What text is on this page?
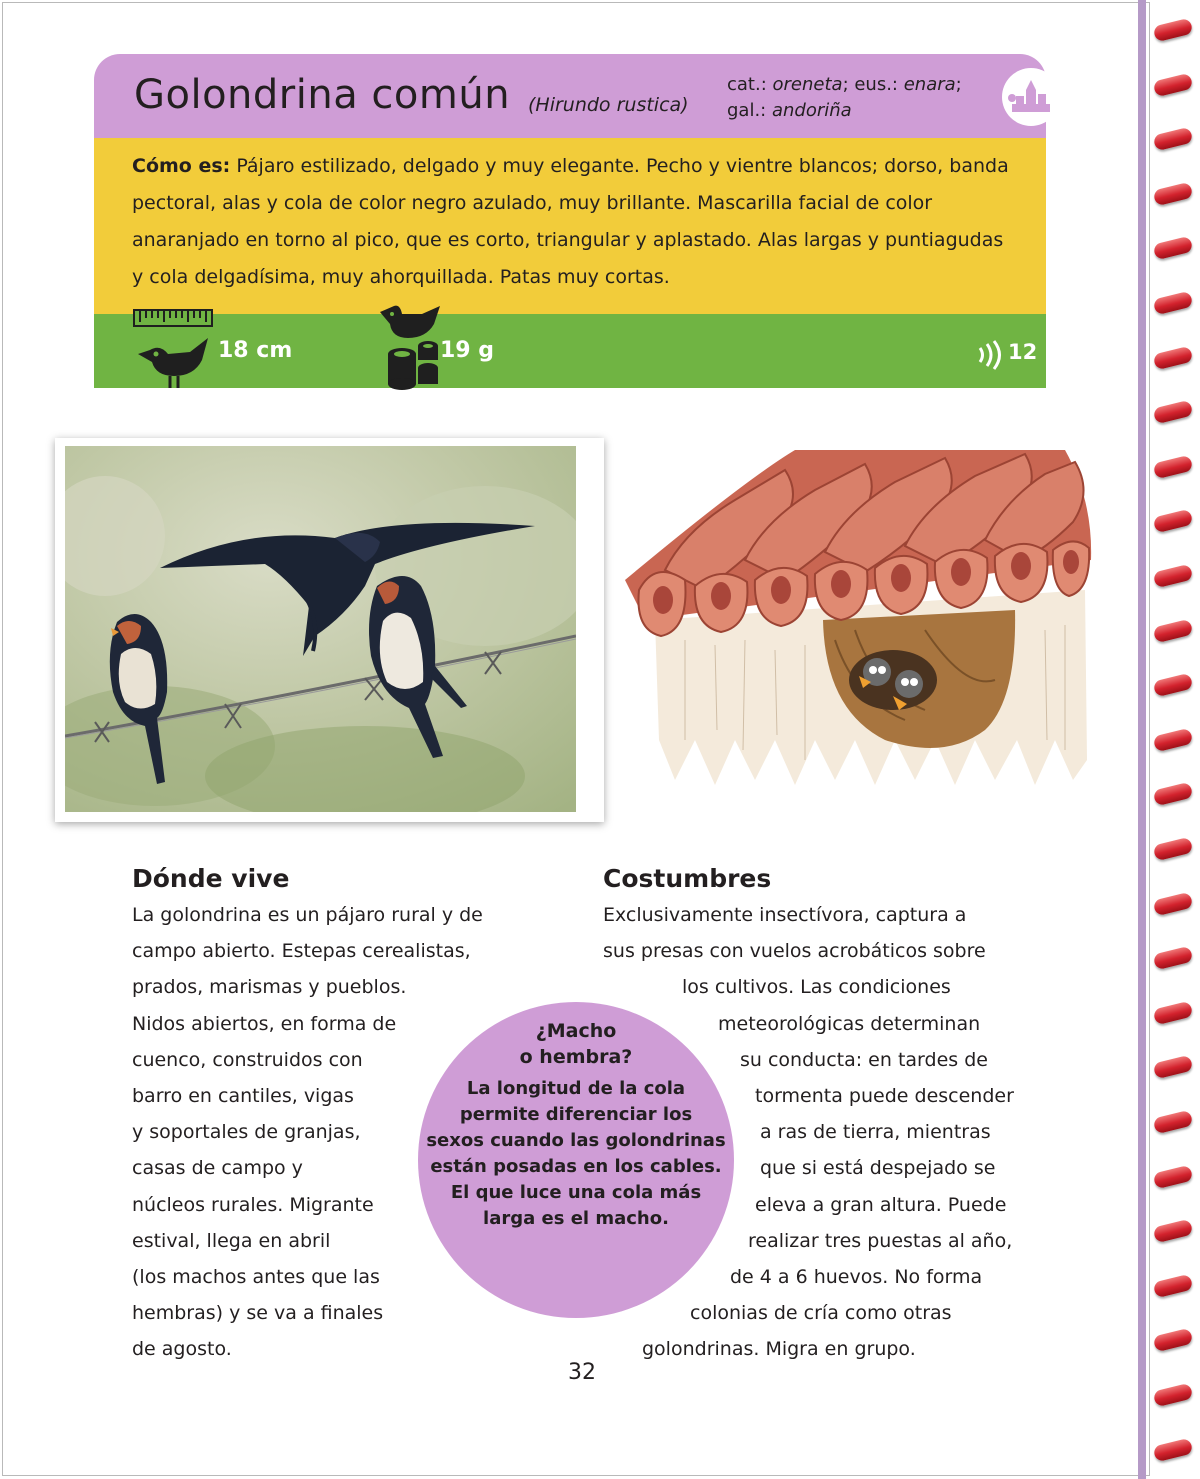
Golondrina común (Hirundo rustica)
cat.: oreneta; eus.: enara;
gal.: andoriña
Cómo es: Pájaro estilizado, delgado y muy elegante. Pecho y vientre blancos; dorso, banda pectoral, alas y cola de color negro azulado, muy brillante. Mascarilla facial de color anaranjado en torno al pico, que es corto, triangular y aplastado. Alas largas y puntiagudas y cola delgadísima, muy ahorquillada. Patas muy cortas.
18 cm	19 g	12
Dónde vive
La golondrina es un pájaro rural y de
campo abierto. Estepas cerealistas,
prados, marismas y pueblos.
Nidos abiertos, en forma de
cuenco, construidos con
barro en cantiles, vigas
y soportales de granjas,
casas de campo y
núcleos rurales. Migrante
estival, llega en abril
(los machos antes que las
hembras) y se va a finales
de agosto.
Costumbres
Exclusivamente insectívora, captura a
sus presas con vuelos acrobáticos sobre
los cultivos. Las condiciones
meteorológicas determinan
su conducta: en tardes de
tormenta puede descender
a ras de tierra, mientras
que si está despejado se
eleva a gran altura. Puede
realizar tres puestas al año,
de 4 a 6 huevos. No forma
colonias de cría como otras
golondrinas. Migra en grupo.
¿Macho
o hembra?
La longitud de la cola
permite diferenciar los
sexos cuando las golondrinas
están posadas en los cables.
El que luce una cola más
larga es el macho.
32
